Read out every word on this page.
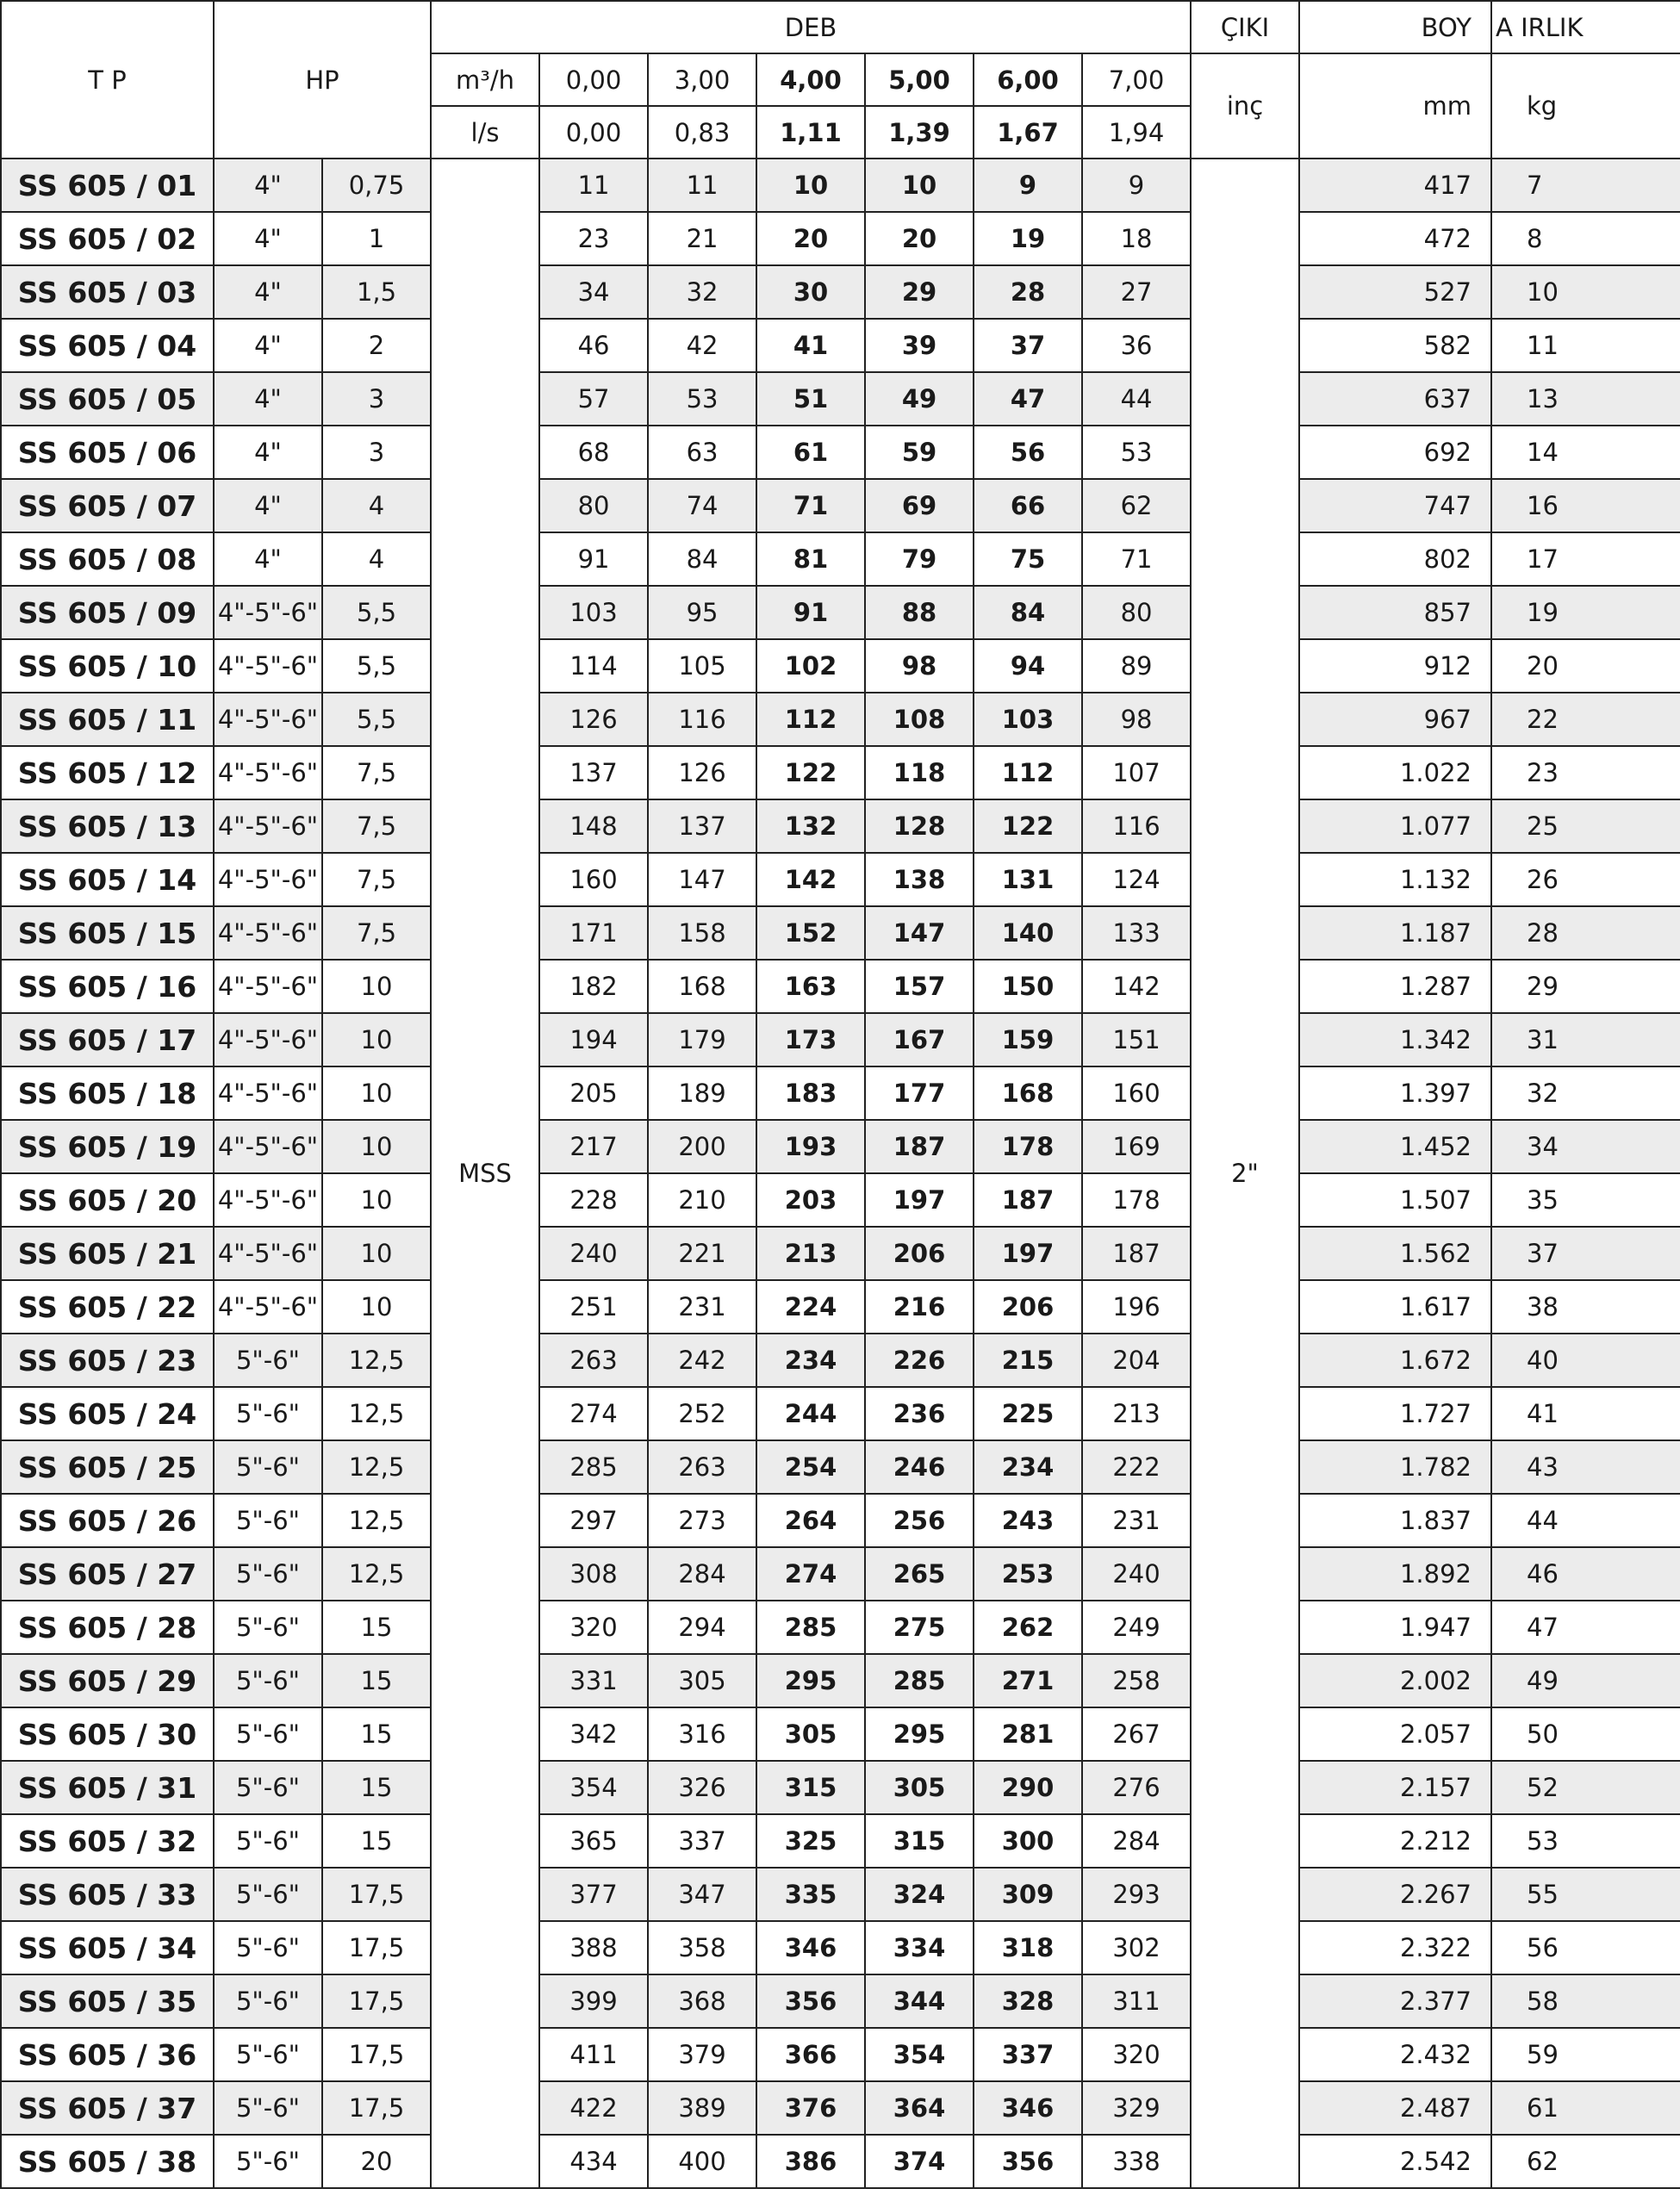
T P	HP		DEB							ÇIKI	BOY	A IRLIK
			m³/h	0,00	3,00	4,00	5,00	6,00	7,00	inç	mm	kg
			l/s	0,00	0,83	1,11	1,39	1,67	1,94			
SS 605 / 01	4"	0,75	MSS	11	11	10	10	9	9	2"	417	7
SS 605 / 02	4"	1		23	21	20	20	19	18		472	8
SS 605 / 03	4"	1,5		34	32	30	29	28	27		527	10
SS 605 / 04	4"	2		46	42	41	39	37	36		582	11
SS 605 / 05	4"	3		57	53	51	49	47	44		637	13
SS 605 / 06	4"	3		68	63	61	59	56	53		692	14
SS 605 / 07	4"	4		80	74	71	69	66	62		747	16
SS 605 / 08	4"	4		91	84	81	79	75	71		802	17
SS 605 / 09	4"-5"-6"	5,5		103	95	91	88	84	80		857	19
SS 605 / 10	4"-5"-6"	5,5		114	105	102	98	94	89		912	20
SS 605 / 11	4"-5"-6"	5,5		126	116	112	108	103	98		967	22
SS 605 / 12	4"-5"-6"	7,5		137	126	122	118	112	107		1.022	23
SS 605 / 13	4"-5"-6"	7,5		148	137	132	128	122	116		1.077	25
SS 605 / 14	4"-5"-6"	7,5		160	147	142	138	131	124		1.132	26
SS 605 / 15	4"-5"-6"	7,5		171	158	152	147	140	133		1.187	28
SS 605 / 16	4"-5"-6"	10		182	168	163	157	150	142		1.287	29
SS 605 / 17	4"-5"-6"	10		194	179	173	167	159	151		1.342	31
SS 605 / 18	4"-5"-6"	10		205	189	183	177	168	160		1.397	32
SS 605 / 19	4"-5"-6"	10		217	200	193	187	178	169		1.452	34
SS 605 / 20	4"-5"-6"	10		228	210	203	197	187	178		1.507	35
SS 605 / 21	4"-5"-6"	10		240	221	213	206	197	187		1.562	37
SS 605 / 22	4"-5"-6"	10		251	231	224	216	206	196		1.617	38
SS 605 / 23	5"-6"	12,5		263	242	234	226	215	204		1.672	40
SS 605 / 24	5"-6"	12,5		274	252	244	236	225	213		1.727	41
SS 605 / 25	5"-6"	12,5		285	263	254	246	234	222		1.782	43
SS 605 / 26	5"-6"	12,5		297	273	264	256	243	231		1.837	44
SS 605 / 27	5"-6"	12,5		308	284	274	265	253	240		1.892	46
SS 605 / 28	5"-6"	15		320	294	285	275	262	249		1.947	47
SS 605 / 29	5"-6"	15		331	305	295	285	271	258		2.002	49
SS 605 / 30	5"-6"	15		342	316	305	295	281	267		2.057	50
SS 605 / 31	5"-6"	15		354	326	315	305	290	276		2.157	52
SS 605 / 32	5"-6"	15		365	337	325	315	300	284		2.212	53
SS 605 / 33	5"-6"	17,5		377	347	335	324	309	293		2.267	55
SS 605 / 34	5"-6"	17,5		388	358	346	334	318	302		2.322	56
SS 605 / 35	5"-6"	17,5		399	368	356	344	328	311		2.377	58
SS 605 / 36	5"-6"	17,5		411	379	366	354	337	320		2.432	59
SS 605 / 37	5"-6"	17,5		422	389	376	364	346	329		2.487	61
SS 605 / 38	5"-6"	20		434	400	386	374	356	338		2.542	62
